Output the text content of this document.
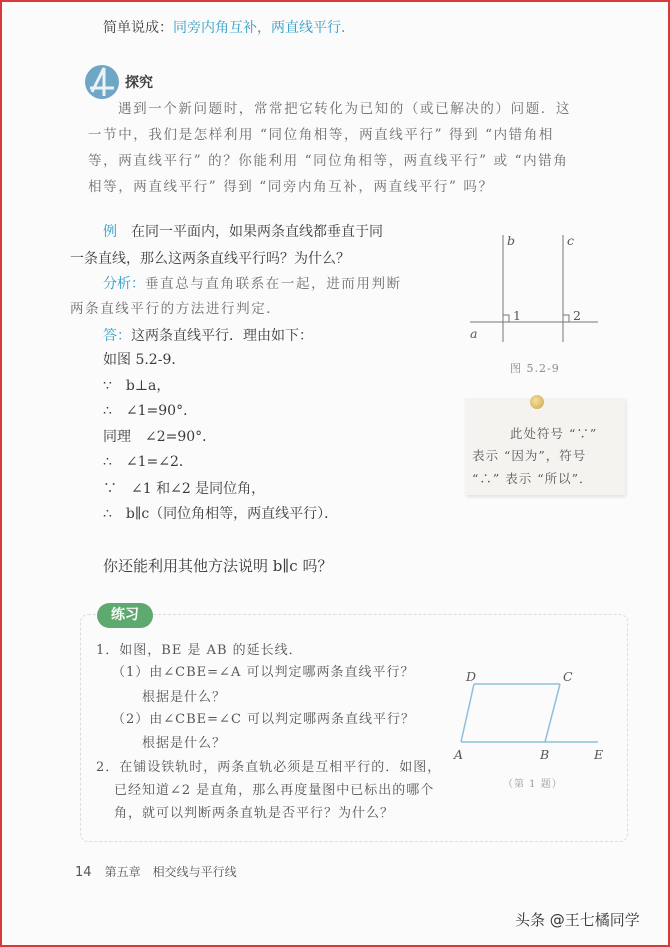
简单说成：同旁内角互补，两直线平行.
探究
遇到一个新问题时，常常把它转化为已知的（或已解决的）问题．这
一节中，我们是怎样利用 “同位角相等，两直线平行” 得到 “内错角相
等，两直线平行” 的？你能利用 “同位角相等，两直线平行” 或 “内错角
相等，两直线平行” 得到 “同旁内角互补，两直线平行” 吗？
例　 在同一平面内，如果两条直线都垂直于同
一条直线，那么这两条直线平行吗？为什么？
分析：垂直总与直角联系在一起，进而用判断
两条直线平行的方法进行判定．
答：这两条直线平行．理由如下：
如图 5.2-9．
∵　b⊥a，
∴　∠1=90°．
同理　∠2=90°．
∴　∠1=∠2．
∵　∠1 和∠2 是同位角，
∴　b∥c（同位角相等，两直线平行）．
你还能利用其他方法说明 b∥c 吗？
b	c
a
1	2
图 5.2-9
此处符号 “∵”
表示 “因为”，符号
“∴” 表示 “所以”．
练习
1．如图，BE 是 AB 的延长线．
（1）由∠CBE=∠A 可以判定哪两条直线平行？
根据是什么？
（2）由∠CBE=∠C 可以判定哪两条直线平行？
根据是什么？
2．在铺设铁轨时，两条直轨必须是互相平行的．如图，
已经知道∠2 是直角，那么再度量图中已标出的哪个
角，就可以判断两条直轨是否平行？为什么？
D	C
A	B	E
（第 1 题）
14　 第五章　相交线与平行线
头条 @王七橘同学
